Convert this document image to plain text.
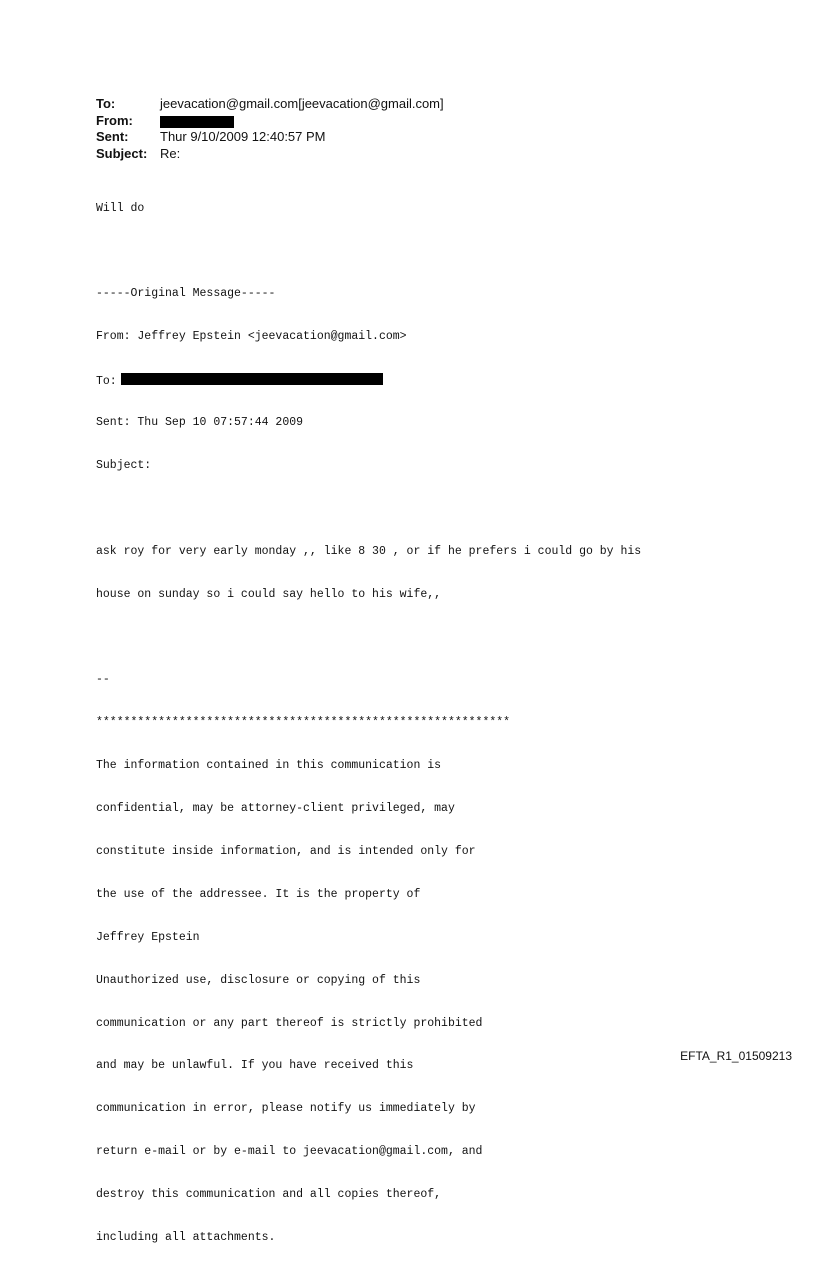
To:	jeevacation@gmail.com[jeevacation@gmail.com]
From:
Sent:	Thur 9/10/2009 12:40:57 PM
Subject: Re:

Will do

-----Original Message-----

From: Jeffrey Epstein <jeevacation@gmail.com>

To:

Sent: Thu Sep 10 07:57:44 2009

Subject:

ask roy for very early monday ,, like 8 30 , or if he prefers i could go by his

house on sunday so i could say hello to his wife,,

--

************************************************************

The information contained in this communication is

confidential, may be attorney-client privileged, may

constitute inside information, and is intended only for

the use of the addressee. It is the property of

Jeffrey Epstein

Unauthorized use, disclosure or copying of this

communication or any part thereof is strictly prohibited

and may be unlawful. If you have received this

communication in error, please notify us immediately by

return e-mail or by e-mail to jeevacation@gmail.com, and

destroy this communication and all copies thereof,

including all attachments.

EFTA_R1_01509213
